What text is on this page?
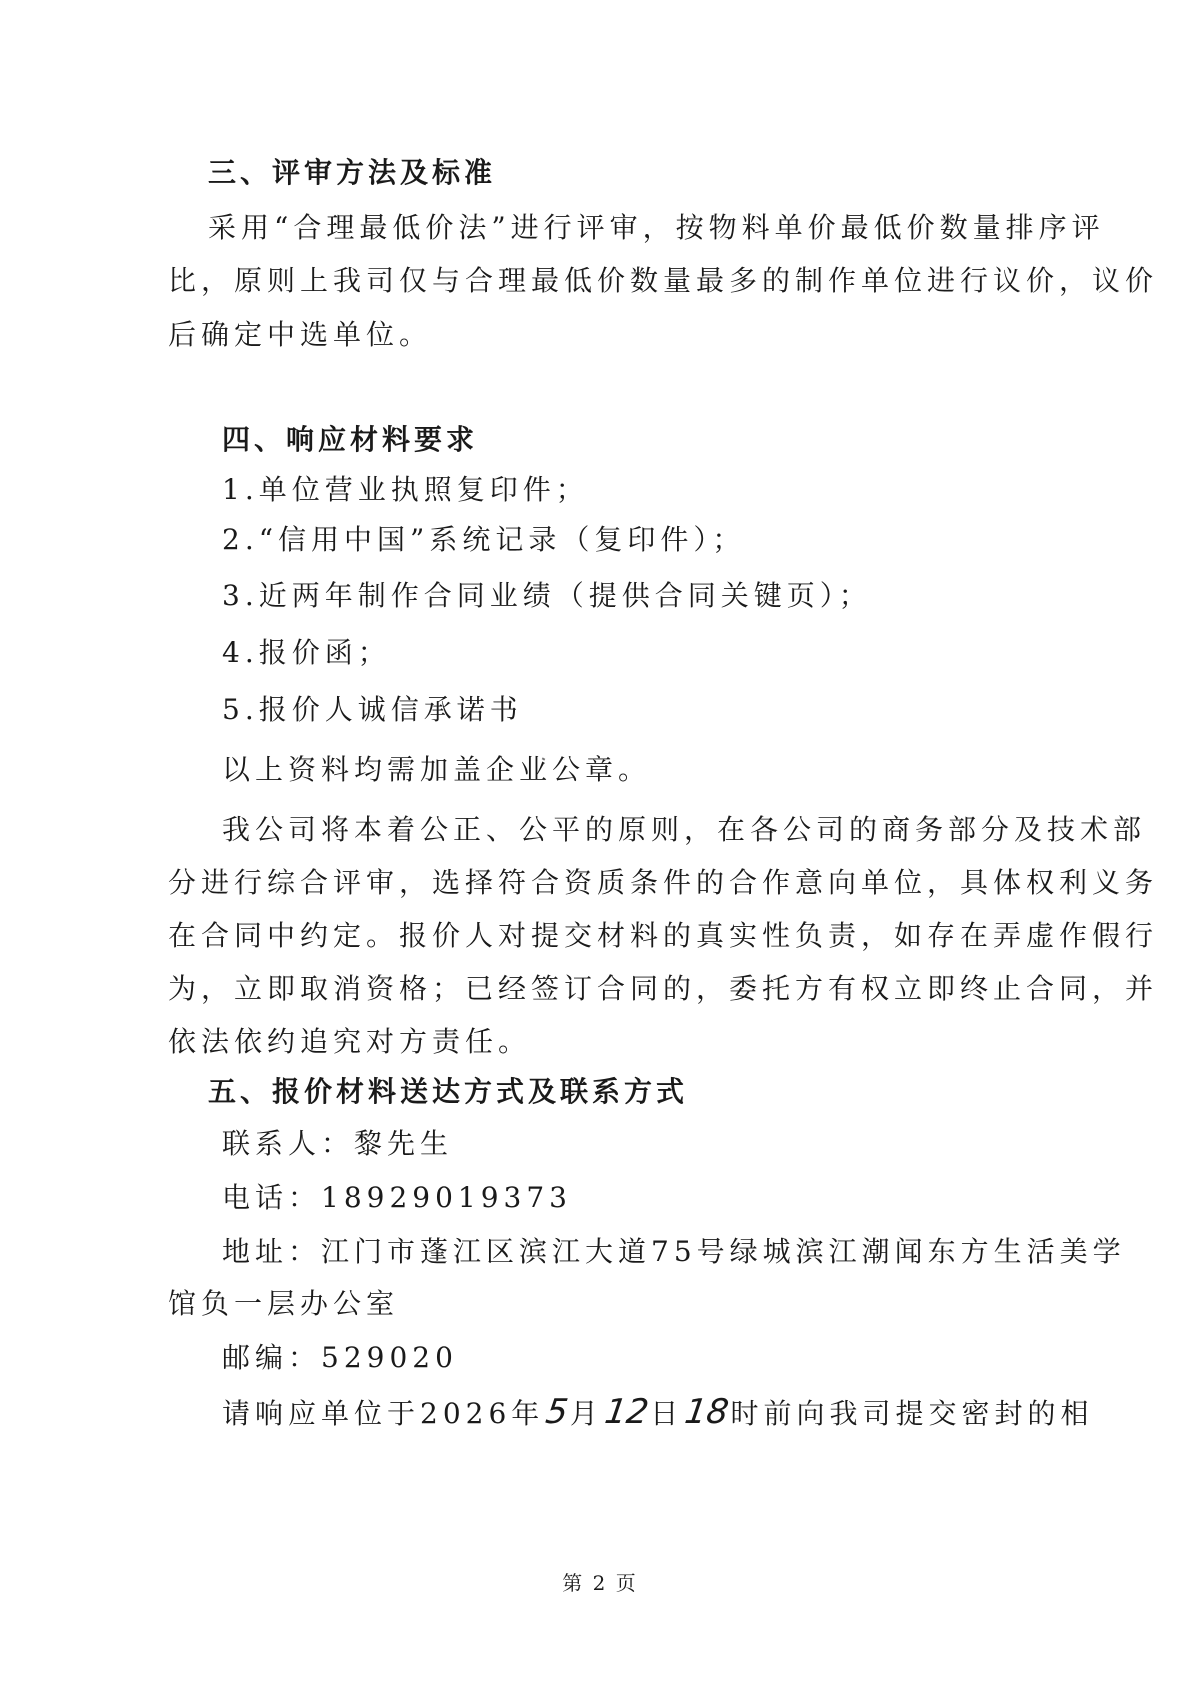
三、评审方法及标准
采用“合理最低价法”进行评审，按物料单价最低价数量排序评
比，原则上我司仅与合理最低价数量最多的制作单位进行议价，议价
后确定中选单位。
四、响应材料要求
1.单位营业执照复印件；
2.“信用中国”系统记录（复印件）；
3.近两年制作合同业绩（提供合同关键页）；
4.报价函；
5.报价人诚信承诺书
以上资料均需加盖企业公章。
我公司将本着公正、公平的原则，在各公司的商务部分及技术部
分进行综合评审，选择符合资质条件的合作意向单位，具体权利义务
在合同中约定。报价人对提交材料的真实性负责，如存在弄虚作假行
为，立即取消资格；已经签订合同的，委托方有权立即终止合同，并
依法依约追究对方责任。
五、报价材料送达方式及联系方式
联系人：黎先生
电话：18929019373
地址：江门市蓬江区滨江大道75号绿城滨江潮闻东方生活美学
馆负一层办公室
邮编：529020
请响应单位于2026年5月12日18时前向我司提交密封的相
第 2 页
